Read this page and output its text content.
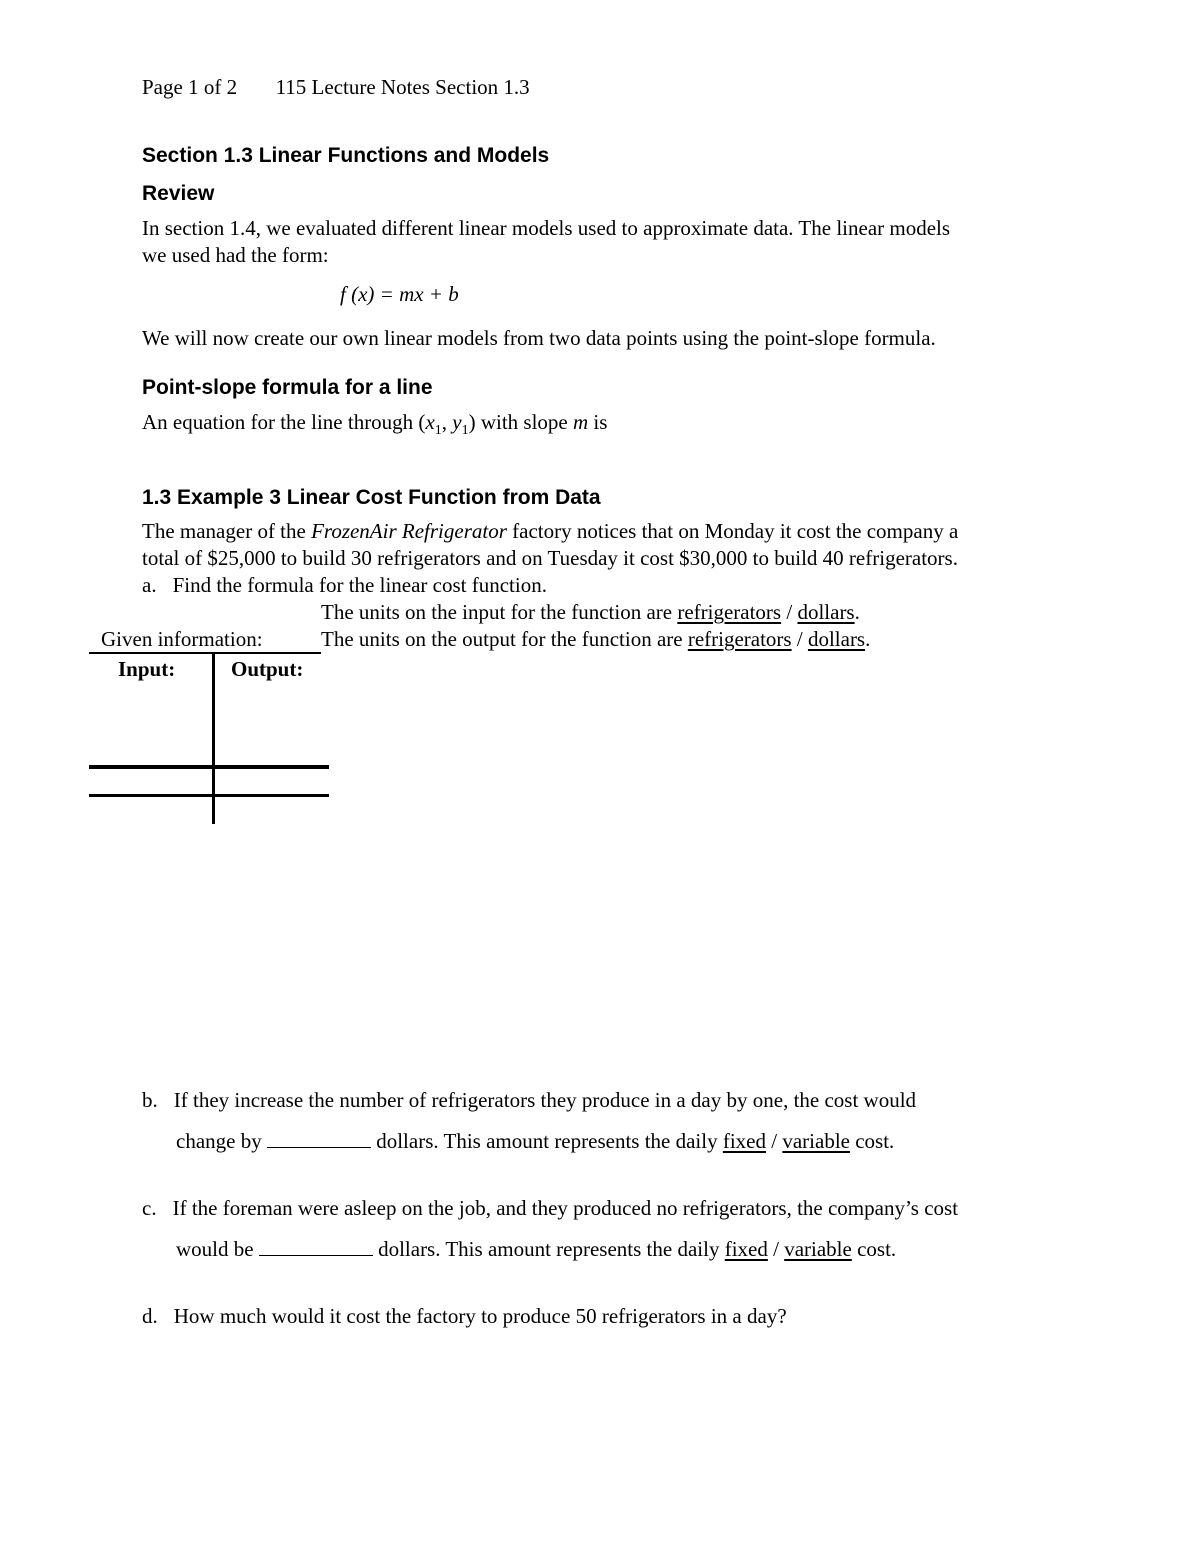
Page 1 of 2 115 Lecture Notes Section 1.3
Section 1.3 Linear Functions and Models
Review
In section 1.4, we evaluated different linear models used to approximate data. The linear models
we used had the form:
f (x) = mx + b
We will now create our own linear models from two data points using the point-slope formula.
Point-slope formula for a line
An equation for the line through ($x_1$, $y_1$) with slope m is
1.3 Example 3 Linear Cost Function from Data
The manager of the FrozenAir Refrigerator factory notices that on Monday it cost the company a
total of $25,000 to build 30 refrigerators and on Tuesday it cost $30,000 to build 40 refrigerators.
a. Find the formula for the linear cost function.
The units on the input for the function are refrigerators / dollars.
Given information:	The units on the output for the function are refrigerators / dollars.
Input:	Output:
b. If they increase the number of refrigerators they produce in a day by one, the cost would
change by	dollars. This amount represents the daily fixed / variable cost.
c. If the foreman were asleep on the job, and they produced no refrigerators, the company’s cost
would be	dollars. This amount represents the daily fixed / variable cost.
d. How much would it cost the factory to produce 50 refrigerators in a day?
